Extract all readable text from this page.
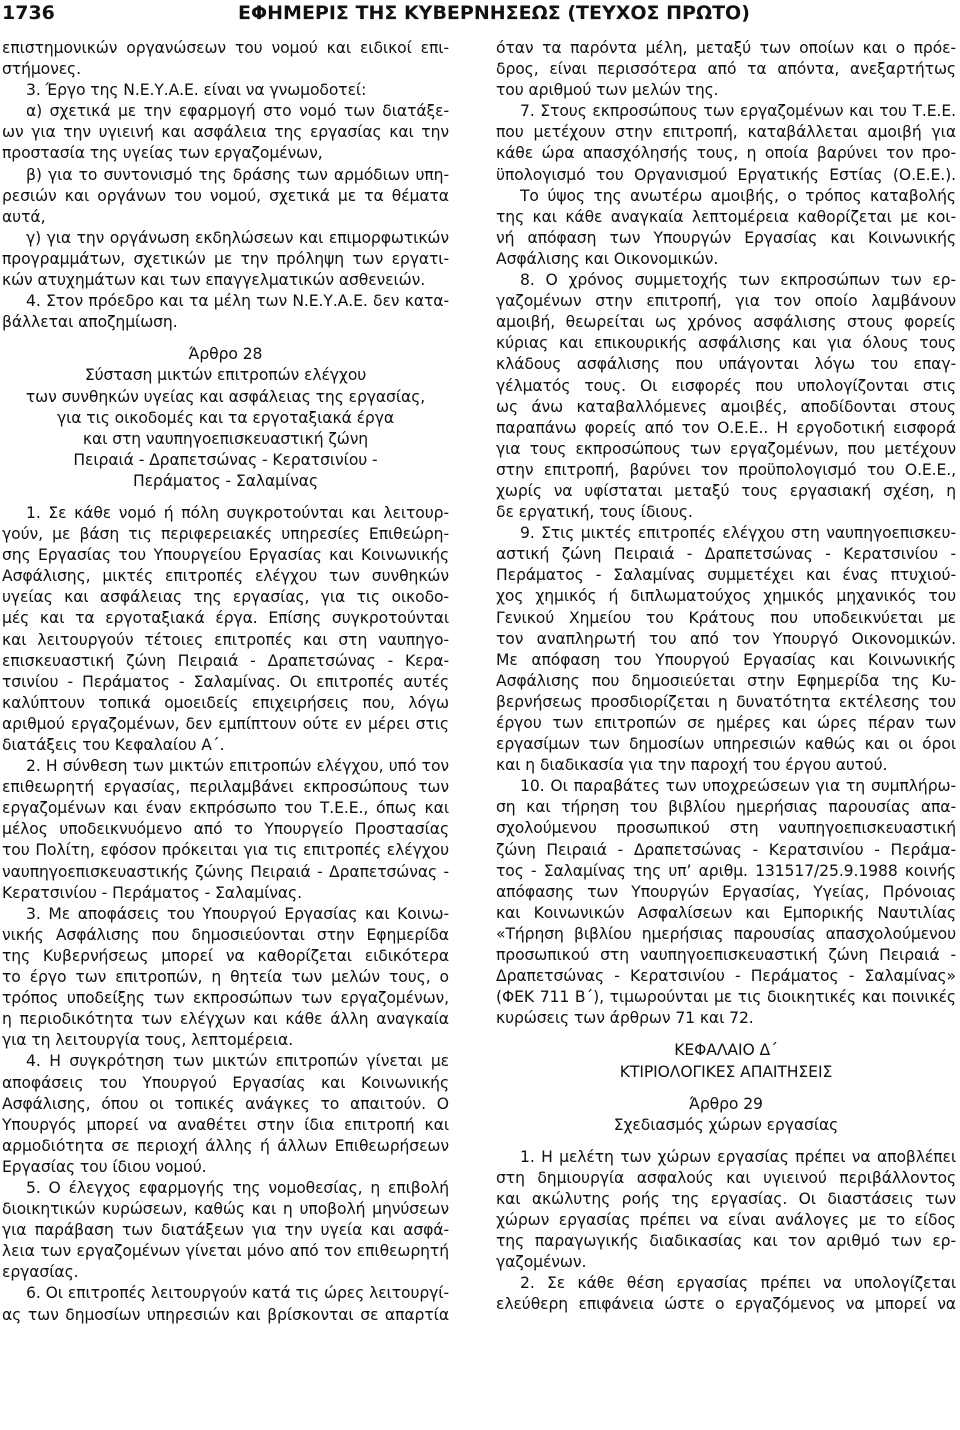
1736	ΕΦΗΜΕΡΙΣ ΤΗΣ ΚΥΒΕΡΝΗΣΕΩΣ (ΤΕΥΧΟΣ ΠΡΩΤΟ)

επιστημονικών οργανώσεων του νομού και ειδικοί επι-

στήμονες.

3. Έργο της Ν.Ε.Υ.Α.Ε. είναι να γνωμοδοτεί:

α) σχετικά με την εφαρμογή στο νομό των διατάξε-

ων για την υγιεινή και ασφάλεια της εργασίας και την

προστασία της υγείας των εργαζομένων,

β) για το συντονισμό της δράσης των αρμόδιων υπη-

ρεσιών και οργάνων του νομού, σχετικά με τα θέματα

αυτά,

γ) για την οργάνωση εκδηλώσεων και επιμορφωτικών

προγραμμάτων, σχετικών με την πρόληψη των εργατι-

κών ατυχημάτων και των επαγγελματικών ασθενειών.

4. Στον πρόεδρο και τα μέλη των Ν.Ε.Υ.Α.Ε. δεν κατα-

βάλλεται αποζημίωση.

Άρθρο 28

Σύσταση μικτών επιτροπών ελέγχου

των συνθηκών υγείας και ασφάλειας της εργασίας,

για τις οικοδομές και τα εργοταξιακά έργα

και στη ναυπηγοεπισκευαστική ζώνη

Πειραιά - Δραπετσώνας - Κερατσινίου -

Περάματος - Σαλαμίνας

1. Σε κάθε νομό ή πόλη συγκροτούνται και λειτουρ-

γούν, με βάση τις περιφερειακές υπηρεσίες Επιθεώρη-

σης Εργασίας του Υπουργείου Εργασίας και Κοινωνικής

Ασφάλισης, μικτές επιτροπές ελέγχου των συνθηκών

υγείας και ασφάλειας της εργασίας, για τις οικοδο-

μές και τα εργοταξιακά έργα. Επίσης συγκροτούνται

και λειτουργούν τέτοιες επιτροπές και στη ναυπηγο-

επισκευαστική ζώνη Πειραιά - Δραπετσώνας - Κερα-

τσινίου - Περάματος - Σαλαμίνας. Οι επιτροπές αυτές

καλύπτουν τοπικά ομοειδείς επιχειρήσεις που, λόγω

αριθμού εργαζομένων, δεν εμπίπτουν ούτε εν μέρει στις

διατάξεις του Κεφαλαίου Α΄.

2. Η σύνθεση των μικτών επιτροπών ελέγχου, υπό τον

επιθεωρητή εργασίας, περιλαμβάνει εκπροσώπους των

εργαζομένων και έναν εκπρόσωπο του Τ.Ε.Ε., όπως και

μέλος υποδεικνυόμενο από το Υπουργείο Προστασίας

του Πολίτη, εφόσον πρόκειται για τις επιτροπές ελέγχου

ναυπηγοεπισκευαστικής ζώνης Πειραιά - Δραπετσώνας -

Κερατσινίου - Περάματος - Σαλαμίνας.

3. Με αποφάσεις του Υπουργού Εργασίας και Κοινω-

νικής Ασφάλισης που δημοσιεύονται στην Εφημερίδα

της Κυβερνήσεως μπορεί να καθορίζεται ειδικότερα

το έργο των επιτροπών, η θητεία των μελών τους, ο

τρόπος υποδείξης των εκπροσώπων των εργαζομένων,

η περιοδικότητα των ελέγχων και κάθε άλλη αναγκαία

για τη λειτουργία τους, λεπτομέρεια.

4. Η συγκρότηση των μικτών επιτροπών γίνεται με

αποφάσεις του Υπουργού Εργασίας και Κοινωνικής

Ασφάλισης, όπου οι τοπικές ανάγκες το απαιτούν. Ο

Υπουργός μπορεί να αναθέτει στην ίδια επιτροπή και

αρμοδιότητα σε περιοχή άλλης ή άλλων Επιθεωρήσεων

Εργασίας του ίδιου νομού.

5. Ο έλεγχος εφαρμογής της νομοθεσίας, η επιβολή

διοικητικών κυρώσεων, καθώς και η υποβολή μηνύσεων

για παράβαση των διατάξεων για την υγεία και ασφά-

λεια των εργαζομένων γίνεται μόνο από τον επιθεωρητή

εργασίας.

6. Οι επιτροπές λειτουργούν κατά τις ώρες λειτουργί-

ας των δημοσίων υπηρεσιών και βρίσκονται σε απαρτία

όταν τα παρόντα μέλη, μεταξύ των οποίων και ο πρόε-

δρος, είναι περισσότερα από τα απόντα, ανεξαρτήτως

του αριθμού των μελών της.

7. Στους εκπροσώπους των εργαζομένων και του Τ.Ε.Ε.

που μετέχουν στην επιτροπή, καταβάλλεται αμοιβή για

κάθε ώρα απασχόλησής τους, η οποία βαρύνει τον προ-

ϋπολογισμό του Οργανισμού Εργατικής Εστίας (Ο.Ε.Ε.).

Το ύψος της ανωτέρω αμοιβής, ο τρόπος καταβολής

της και κάθε αναγκαία λεπτομέρεια καθορίζεται με κοι-

νή απόφαση των Υπουργών Εργασίας και Κοινωνικής

Ασφάλισης και Οικονομικών.

8. Ο χρόνος συμμετοχής των εκπροσώπων των ερ-

γαζομένων στην επιτροπή, για τον οποίο λαμβάνουν

αμοιβή, θεωρείται ως χρόνος ασφάλισης στους φορείς

κύριας και επικουρικής ασφάλισης και για όλους τους

κλάδους ασφάλισης που υπάγονται λόγω του επαγ-

γέλματός τους. Οι εισφορές που υπολογίζονται στις

ως άνω καταβαλλόμενες αμοιβές, αποδίδονται στους

παραπάνω φορείς από τον Ο.Ε.Ε.. Η εργοδοτική εισφορά

για τους εκπροσώπους των εργαζομένων, που μετέχουν

στην επιτροπή, βαρύνει τον προϋπολογισμό του Ο.Ε.Ε.,

χωρίς να υφίσταται μεταξύ τους εργασιακή σχέση, η

δε εργατική, τους ίδιους.

9. Στις μικτές επιτροπές ελέγχου στη ναυπηγοεπισκευ-

αστική ζώνη Πειραιά - Δραπετσώνας - Κερατσινίου -

Περάματος - Σαλαμίνας συμμετέχει και ένας πτυχιού-

χος χημικός ή διπλωματούχος χημικός μηχανικός του

Γενικού Χημείου του Κράτους που υποδεικνύεται με

τον αναπληρωτή του από τον Υπουργό Οικονομικών.

Με απόφαση του Υπουργού Εργασίας και Κοινωνικής

Ασφάλισης που δημοσιεύεται στην Εφημερίδα της Κυ-

βερνήσεως προσδιορίζεται η δυνατότητα εκτέλεσης του

έργου των επιτροπών σε ημέρες και ώρες πέραν των

εργασίμων των δημοσίων υπηρεσιών καθώς και οι όροι

και η διαδικασία για την παροχή του έργου αυτού.

10. Οι παραβάτες των υποχρεώσεων για τη συμπλήρω-

ση και τήρηση του βιβλίου ημερήσιας παρουσίας απα-

σχολούμενου προσωπικού στη ναυπηγοεπισκευαστική

ζώνη Πειραιά - Δραπετσώνας - Κερατσινίου - Περάμα-

τος - Σαλαμίνας της υπ’ αριθμ. 131517/25.9.1988 κοινής

απόφασης των Υπουργών Εργασίας, Υγείας, Πρόνοιας

και Κοινωνικών Ασφαλίσεων και Εμπορικής Ναυτιλίας

«Τήρηση βιβλίου ημερήσιας παρουσίας απασχολούμενου

προσωπικού στη ναυπηγοεπισκευαστική ζώνη Πειραιά -

Δραπετσώνας - Κερατσινίου - Περάματος - Σαλαμίνας»

(ΦΕΚ 711 Β΄), τιμωρούνται με τις διοικητικές και ποινικές

κυρώσεις των άρθρων 71 και 72.

ΚΕΦΑΛΑΙΟ Δ΄

ΚΤΙΡΙΟΛΟΓΙΚΕΣ ΑΠΑΙΤΗΣΕΙΣ

Άρθρο 29

Σχεδιασμός χώρων εργασίας

1. Η μελέτη των χώρων εργασίας πρέπει να αποβλέπει

στη δημιουργία ασφαλούς και υγιεινού περιβάλλοντος

και ακώλυτης ροής της εργασίας. Οι διαστάσεις των

χώρων εργασίας πρέπει να είναι ανάλογες με το είδος

της παραγωγικής διαδικασίας και τον αριθμό των ερ-

γαζομένων.

2. Σε κάθε θέση εργασίας πρέπει να υπολογίζεται

ελεύθερη επιφάνεια ώστε ο εργαζόμενος να μπορεί να
